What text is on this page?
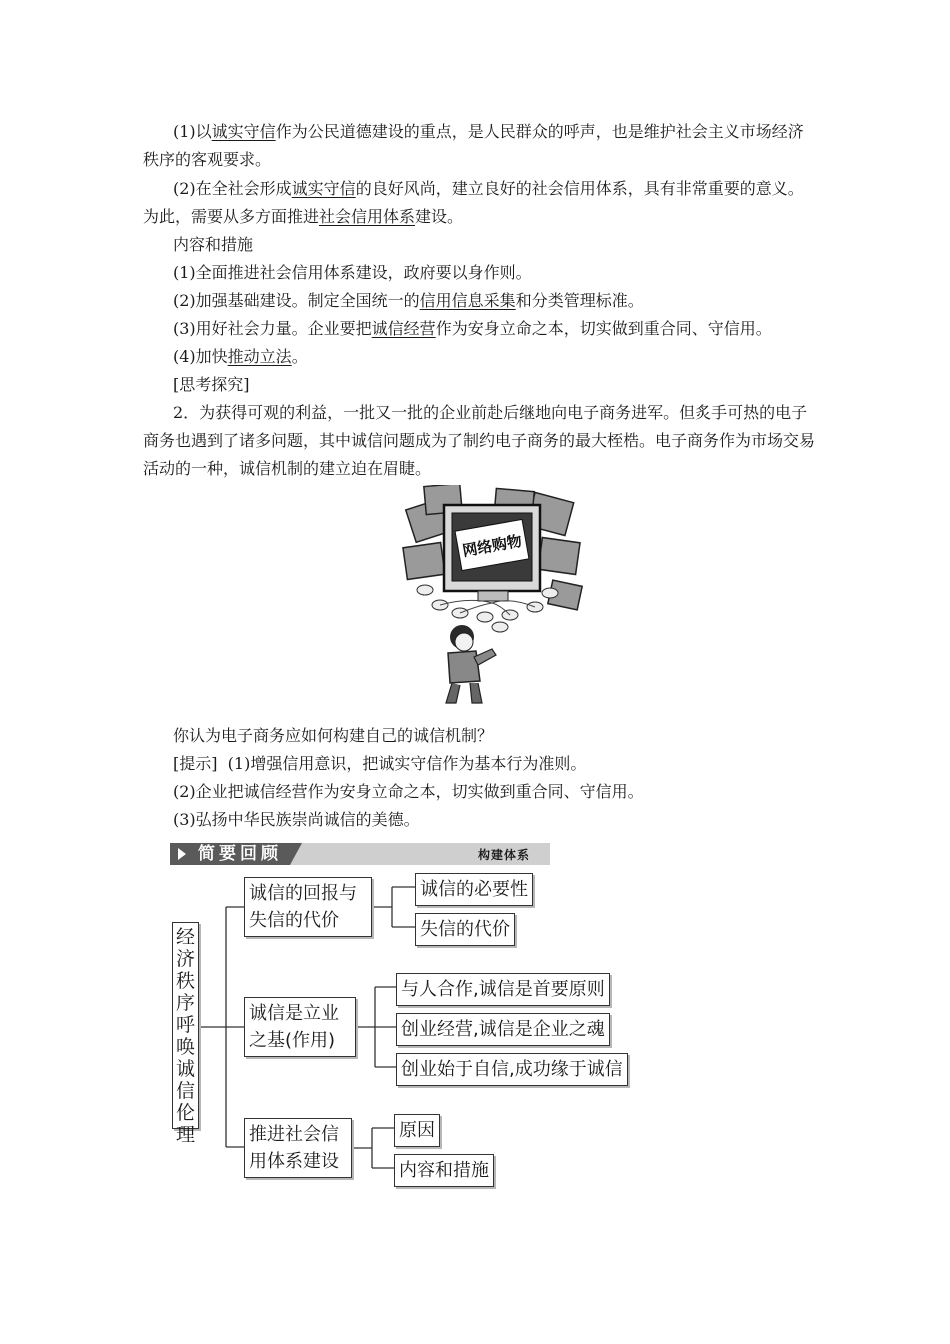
(1)以诚实守信作为公民道德建设的重点，是人民群众的呼声，也是维护社会主义市场经济秩序的客观要求。

(2)在全社会形成诚实守信的良好风尚，建立良好的社会信用体系，具有非常重要的意义。为此，需要从多方面推进社会信用体系建设。

内容和措施

(1)全面推进社会信用体系建设，政府要以身作则。

(2)加强基础建设。制定全国统一的信用信息采集和分类管理标准。

(3)用好社会力量。企业要把诚信经营作为安身立命之本，切实做到重合同、守信用。

(4)加快推动立法。

[思考探究]

2．为获得可观的利益，一批又一批的企业前赴后继地向电子商务进军。但炙手可热的电子商务也遇到了诸多问题，其中诚信问题成为了制约电子商务的最大桎梏。电子商务作为市场交易活动的一种，诚信机制的建立迫在眉睫。

网络购物

你认为电子商务应如何构建自己的诚信机制？

[提示] (1)增强信用意识，把诚实守信作为基本行为准则。

(2)企业把诚信经营作为安身立命之本，切实做到重合同、守信用。

(3)弘扬中华民族崇尚诚信的美德。

简要回顾	构建体系
经济秩序呼唤诚信伦理
诚信的回报与失信的代价
诚信的必要性
失信的代价
诚信是立业之基(作用)
与人合作,诚信是首要原则
创业经营,诚信是企业之魂
创业始于自信,成功缘于诚信
推进社会信用体系建设
原因
内容和措施
